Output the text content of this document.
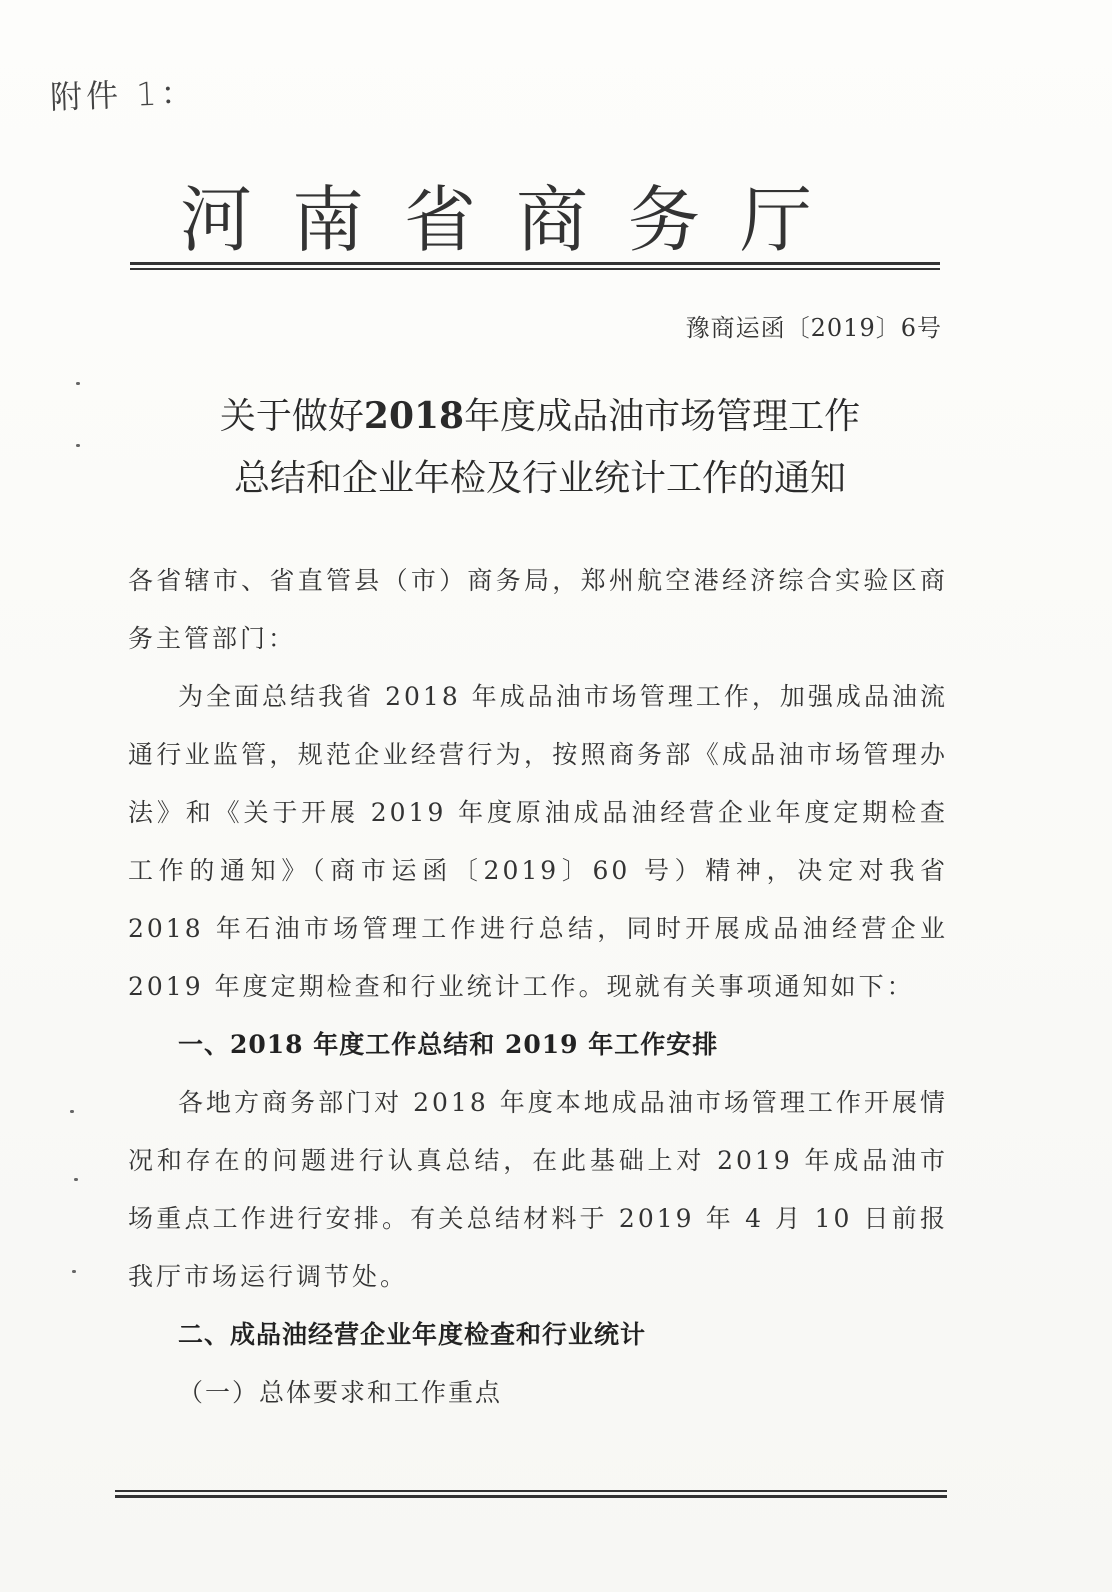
附件 1：
河南省商务厅
豫商运函〔2019〕6号
关于做好2018年度成品油市场管理工作
总结和企业年检及行业统计工作的通知

各省辖市、省直管县（市）商务局，郑州航空港经济综合实验区商务主管部门：

为全面总结我省 2018 年成品油市场管理工作，加强成品油流通行业监管，规范企业经营行为，按照商务部《成品油市场管理办法》和《关于开展 2019 年度原油成品油经营企业年度定期检查工作的通知》（商市运函〔2019〕60 号）精神，决定对我省 2018 年石油市场管理工作进行总结，同时开展成品油经营企业 2019 年度定期检查和行业统计工作。现就有关事项通知如下：

一、2018 年度工作总结和 2019 年工作安排

各地方商务部门对 2018 年度本地成品油市场管理工作开展情况和存在的问题进行认真总结，在此基础上对 2019 年成品油市场重点工作进行安排。有关总结材料于 2019 年 4 月 10 日前报我厅市场运行调节处。

二、成品油经营企业年度检查和行业统计

（一）总体要求和工作重点
